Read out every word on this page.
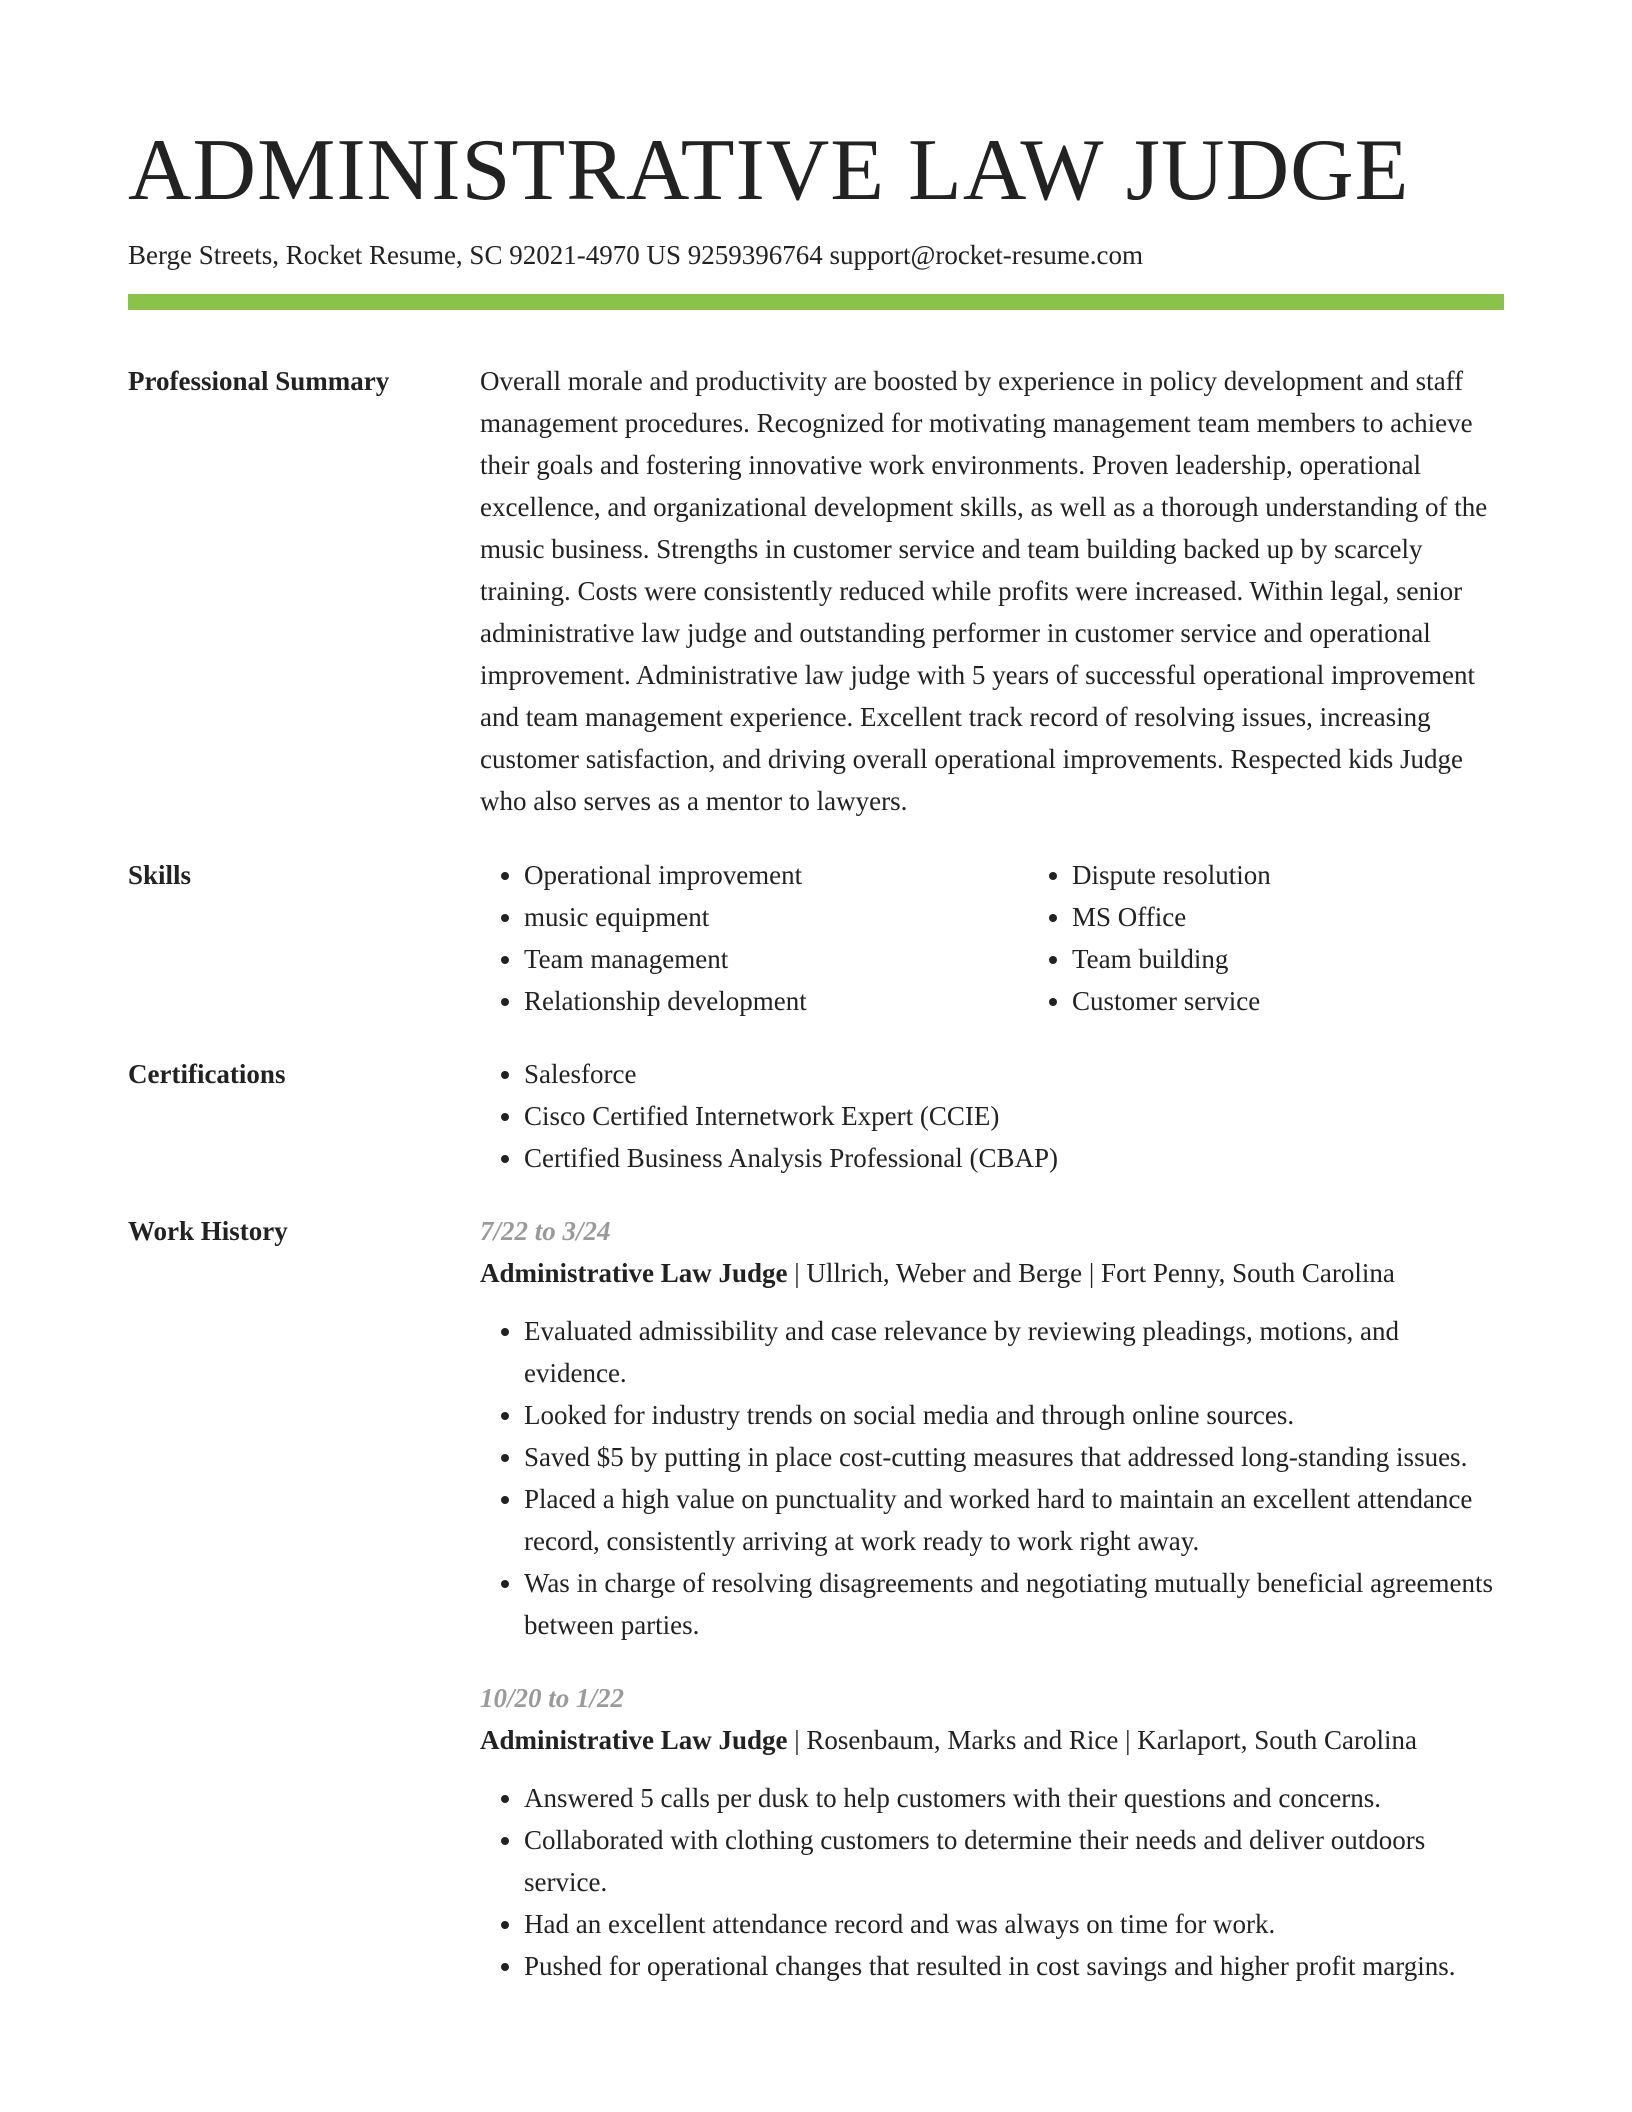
ADMINISTRATIVE LAW JUDGE
Berge Streets, Rocket Resume, SC 92021-4970 US 9259396764 support@rocket-resume.com
Professional Summary	Overall morale and productivity are boosted by experience in policy development and staff management procedures. Recognized for motivating management team members to achieve their goals and fostering innovative work environments. Proven leadership, operational excellence, and organizational development skills, as well as a thorough understanding of the music business. Strengths in customer service and team building backed up by scarcely training. Costs were consistently reduced while profits were increased. Within legal, senior administrative law judge and outstanding performer in customer service and operational improvement. Administrative law judge with 5 years of successful operational improvement and team management experience. Excellent track record of resolving issues, increasing customer satisfaction, and driving overall operational improvements. Respected kids Judge who also serves as a mentor to lawyers.

Skills	• Operational improvement
• music equipment
• Team management
• Relationship development
• Dispute resolution
• MS Office
• Team building
• Customer service
Certifications	• Salesforce
• Cisco Certified Internetwork Expert (CCIE)
• Certified Business Analysis Professional (CBAP)
Work History	7/22 to 3/24
Administrative Law Judge | Ullrich, Weber and Berge | Fort Penny, South Carolina
• Evaluated admissibility and case relevance by reviewing pleadings, motions, and evidence.
• Looked for industry trends on social media and through online sources.
• Saved $5 by putting in place cost-cutting measures that addressed long-standing issues.
• Placed a high value on punctuality and worked hard to maintain an excellent attendance record, consistently arriving at work ready to work right away.
• Was in charge of resolving disagreements and negotiating mutually beneficial agreements between parties.
10/20 to 1/22
Administrative Law Judge | Rosenbaum, Marks and Rice | Karlaport, South Carolina
• Answered 5 calls per dusk to help customers with their questions and concerns.
• Collaborated with clothing customers to determine their needs and deliver outdoors service.
• Had an excellent attendance record and was always on time for work.
• Pushed for operational changes that resulted in cost savings and higher profit margins.
